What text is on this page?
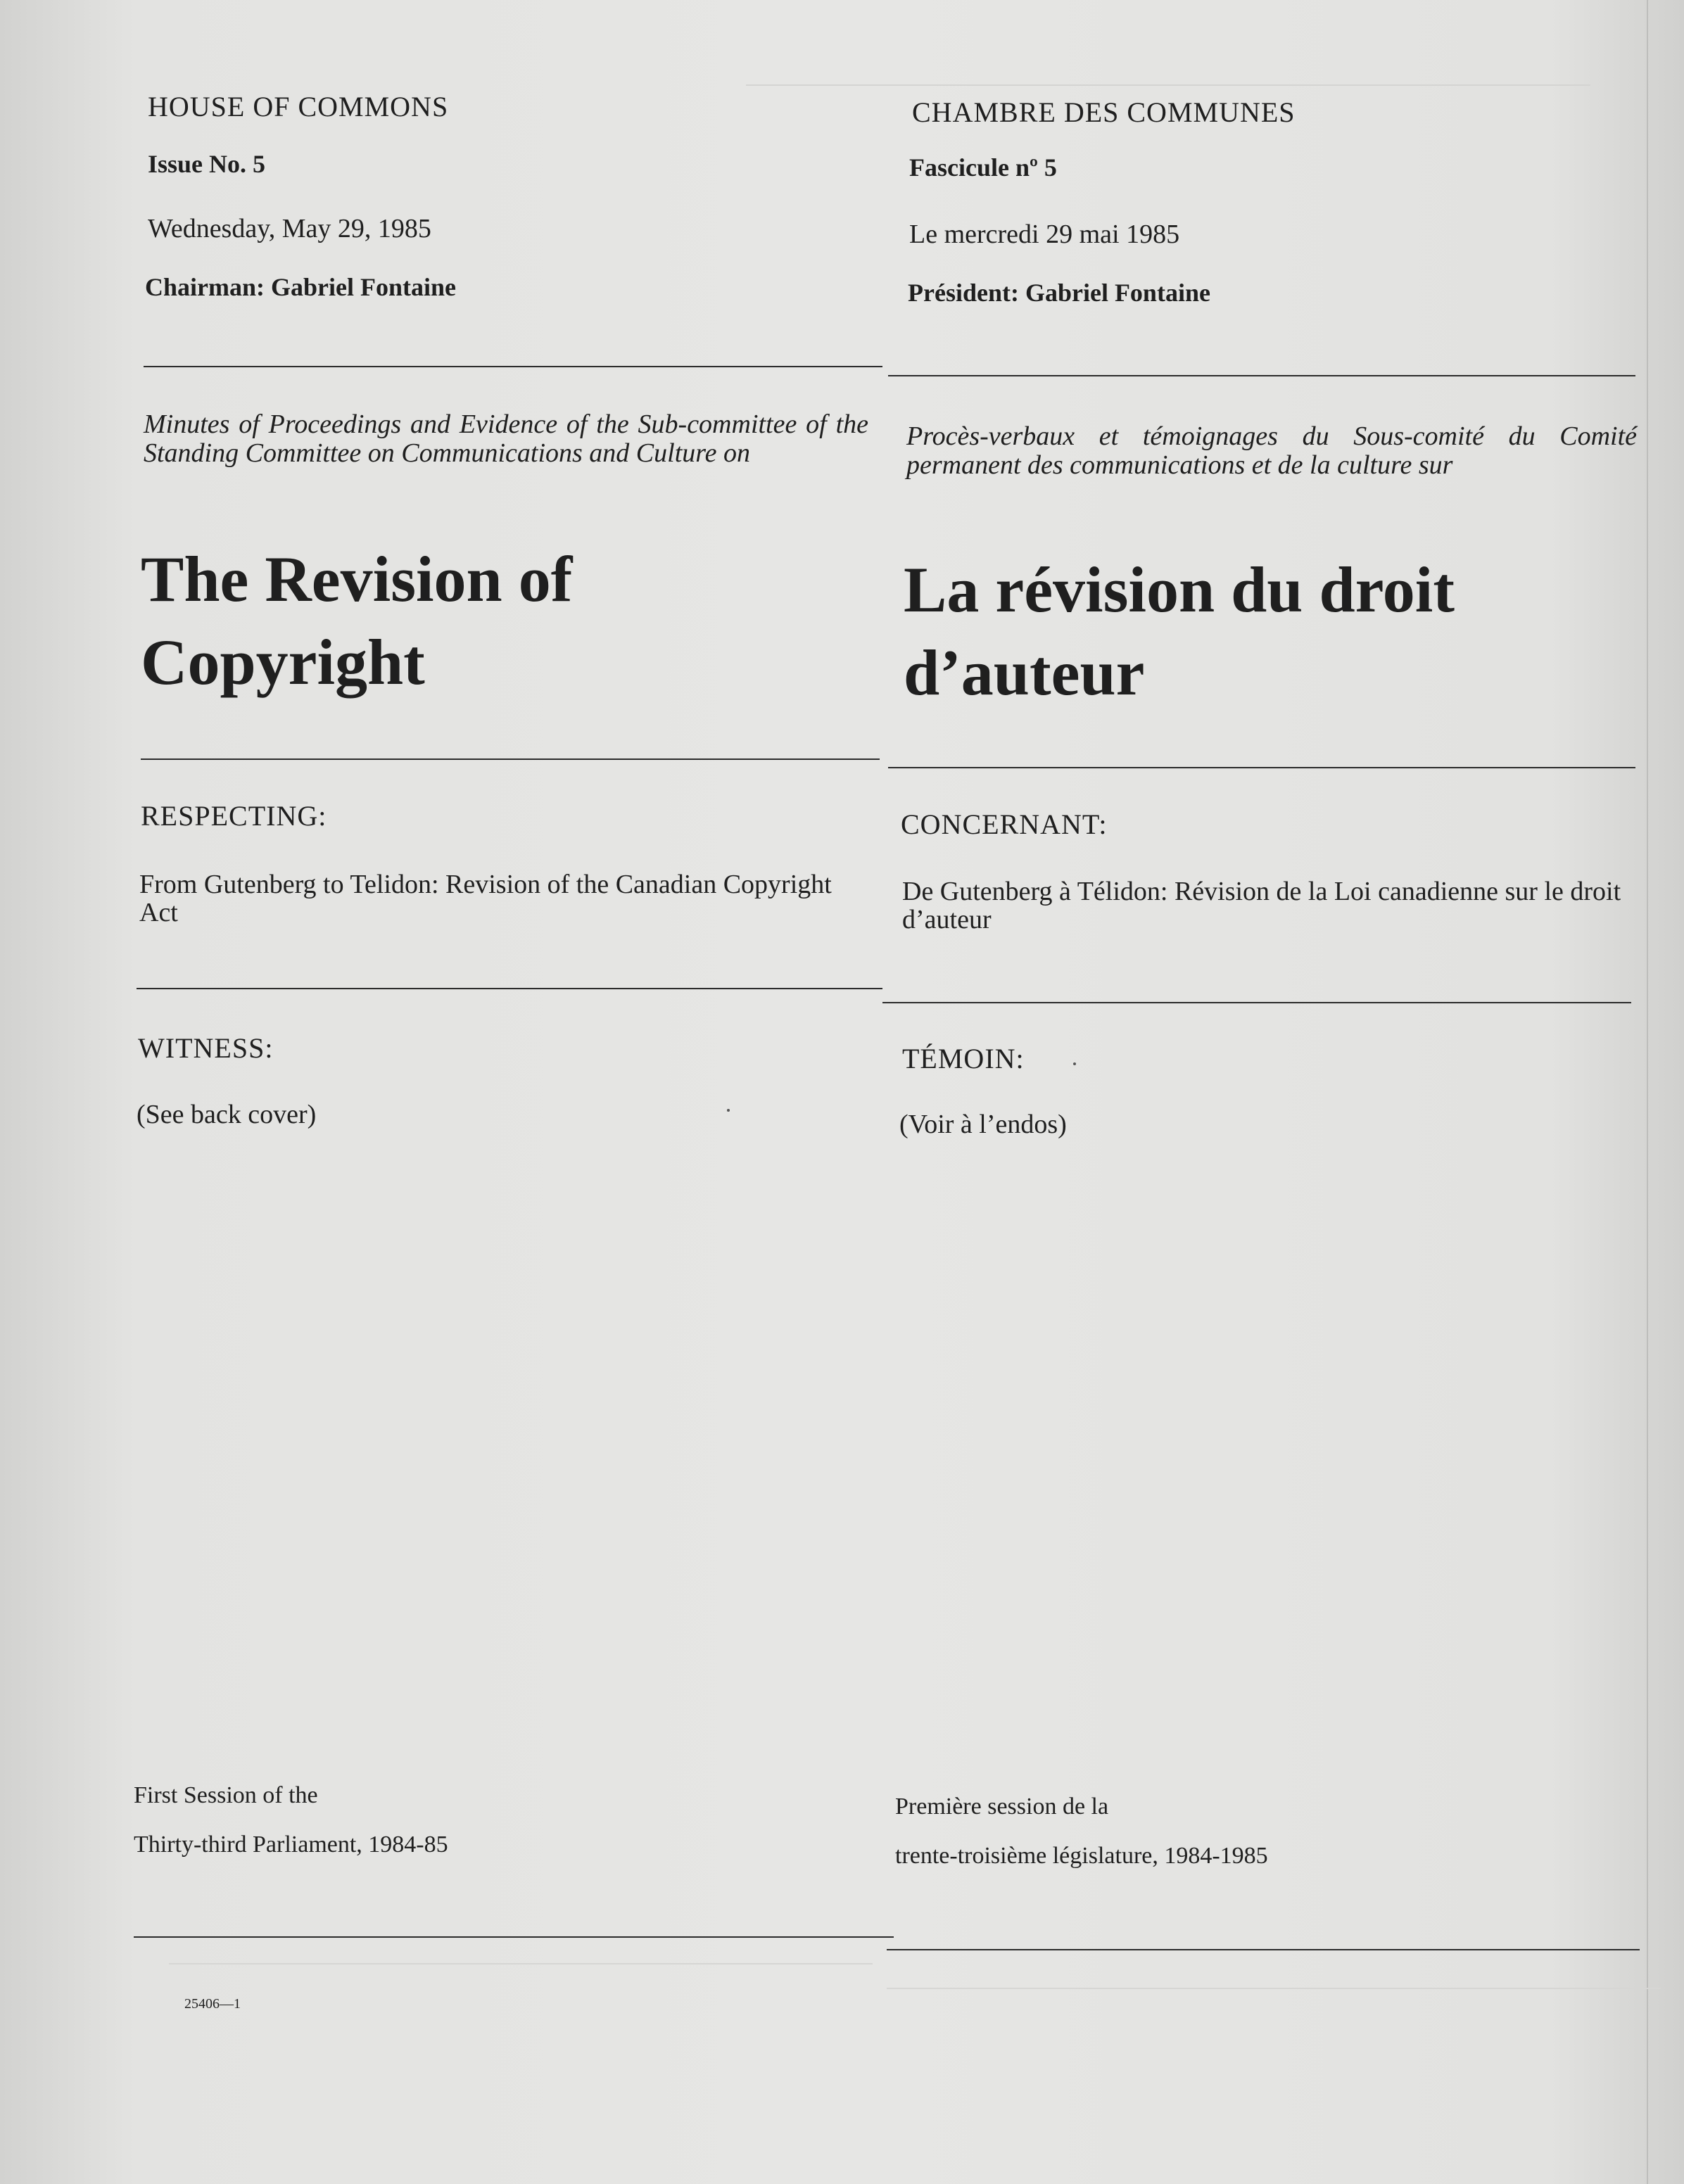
HOUSE OF COMMONS
Issue No. 5
Wednesday, May 29, 1985
Chairman: Gabriel Fontaine
Minutes of Proceedings and Evidence of the Sub-committee of the Standing Committee on Communications and Culture on
The Revision of
Copyright
RESPECTING:
From Gutenberg to Telidon: Revision of the Canadian Copyright Act
WITNESS:
(See back cover)
First Session of the
Thirty-third Parliament, 1984-85
25406—1
CHAMBRE DES COMMUNES
Fascicule nº 5
Le mercredi 29 mai 1985
Président: Gabriel Fontaine
Procès-verbaux et témoignages du Sous-comité du Comité permanent des communications et de la culture sur
La révision du droit
d’auteur
CONCERNANT:
De Gutenberg à Télidon: Révision de la Loi canadienne sur le droit d’auteur
TÉMOIN:
(Voir à l’endos)
Première session de la
trente-troisième législature, 1984-1985
